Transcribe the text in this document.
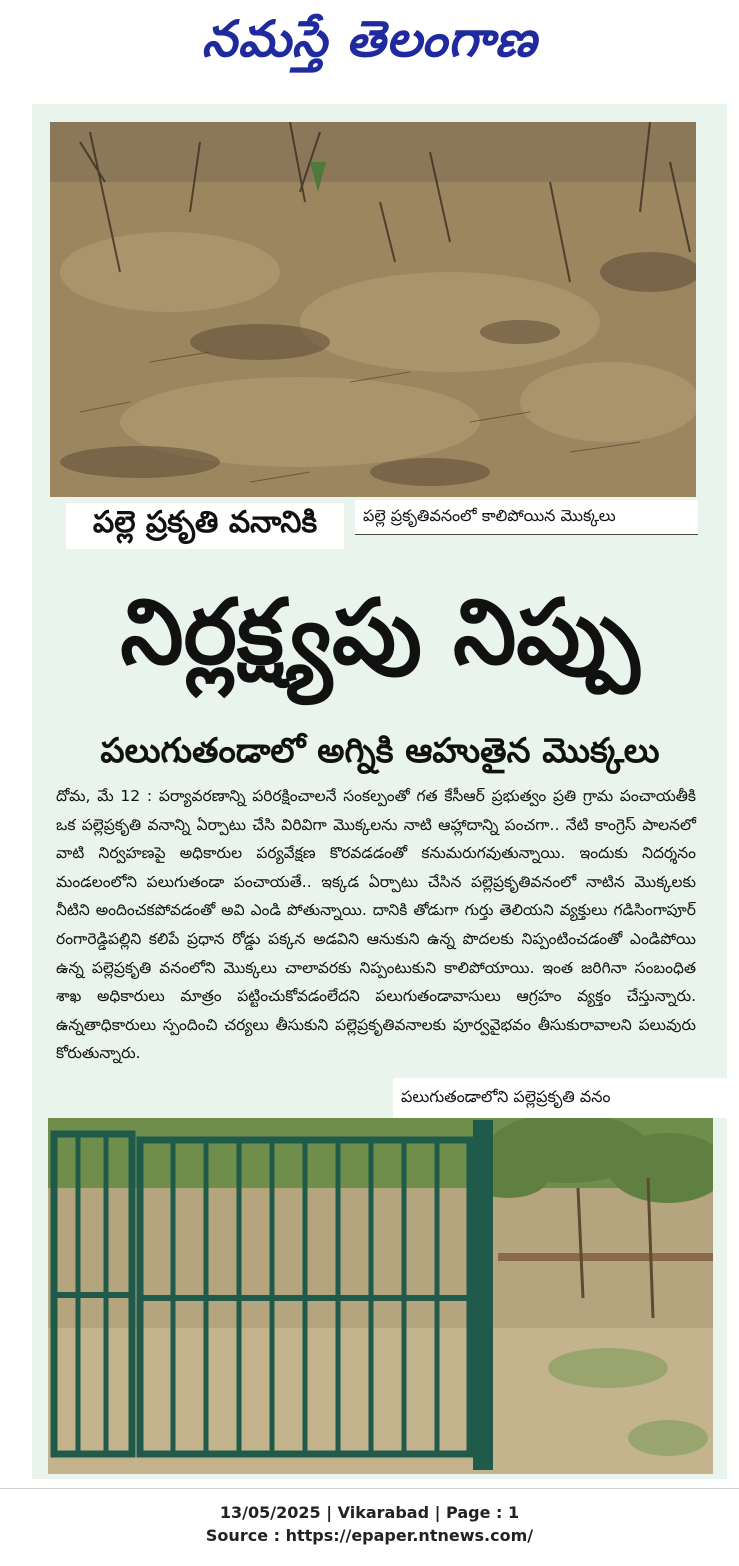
నమస్తే తెలంగాణ
పల్లె ప్రకృతి వనానికి	పల్లె ప్రకృతివనంలో కాలిపోయిన మొక్కలు
నిర్లక్ష్యపు నిప్పు
పలుగుతండాలో అగ్నికి ఆహుతైన మొక్కలు
దోమ, మే 12 : పర్యావరణాన్ని పరిరక్షించాలనే సంకల్పంతో గత కేసీఆర్ ప్రభుత్వం ప్రతి గ్రామ పంచాయతీకి ఒక పల్లెప్రకృతి వనాన్ని ఏర్పాటు చేసి విరివిగా మొక్కలను నాటి ఆహ్లాదాన్ని పంచగా.. నేటి కాంగ్రెస్ పాలనలో వాటి నిర్వహణపై అధికారుల పర్యవేక్షణ కొరవడడంతో కనుమరుగవుతున్నాయి. ఇందుకు నిదర్శనం మండలంలోని పలుగుతండా పంచాయతే.. ఇక్కడ ఏర్పాటు చేసిన పల్లెప్రకృతివనంలో నాటిన మొక్కలకు నీటిని అందించకపోవడంతో అవి ఎండి పోతున్నాయి. దానికి తోడుగా గుర్తు తెలియని వ్యక్తులు గడిసింగాపూర్ రంగారెడ్డిపల్లిని కలిపే ప్రధాన రోడ్డు పక్కన అడవిని ఆనుకుని ఉన్న పొదలకు నిప్పంటించడంతో ఎండిపోయి ఉన్న పల్లెప్రకృతి వనంలోని మొక్కలు చాలావరకు నిప్పంటుకుని కాలిపోయాయి. ఇంత జరిగినా సంబంధిత శాఖ అధికారులు మాత్రం పట్టించుకోవడంలేదని పలుగుతండావాసులు ఆగ్రహం వ్యక్తం చేస్తున్నారు. ఉన్నతాధికారులు స్పందించి చర్యలు తీసుకుని పల్లెప్రకృతివనాలకు పూర్వవైభవం తీసుకురావాలని పలువురు కోరుతున్నారు.
పలుగుతండాలోని పల్లెప్రకృతి వనం
13/05/2025 | Vikarabad | Page : 1
Source : https://epaper.ntnews.com/
